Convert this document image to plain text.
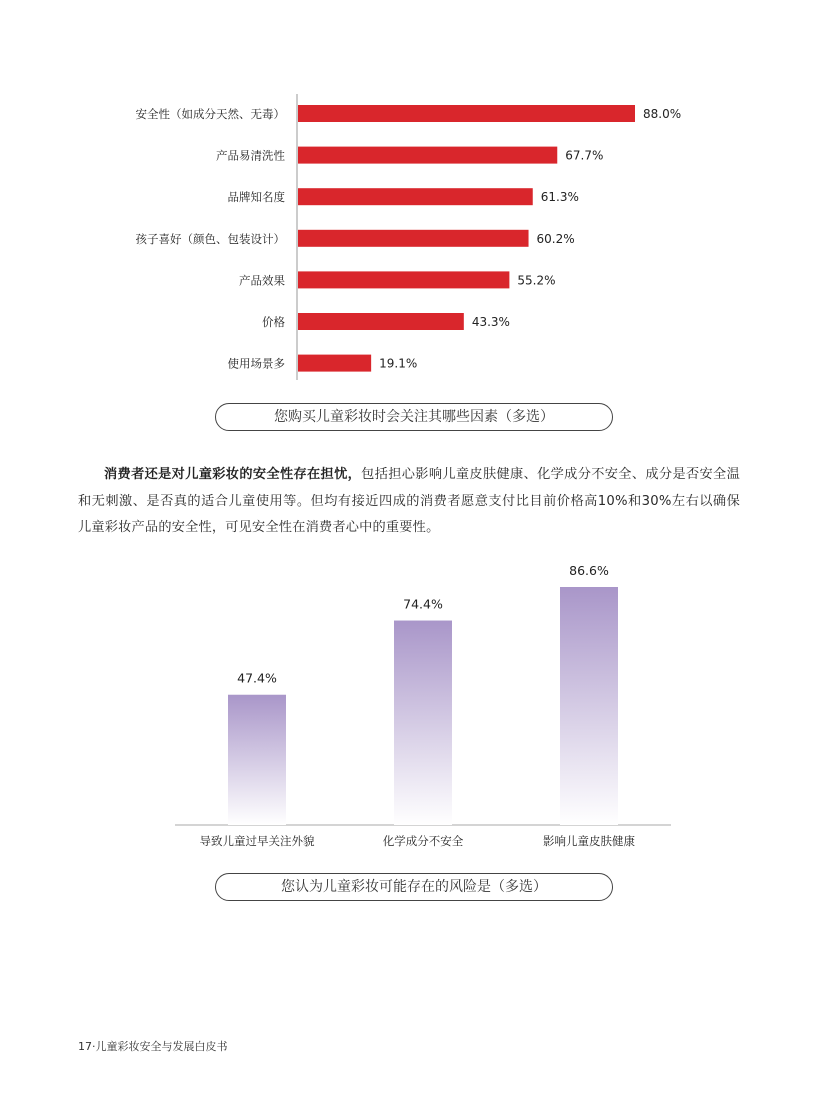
安全性（如成分天然、无毒）	88.0%
产品易清洗性	67.7%
品牌知名度	61.3%
孩子喜好（颜色、包装设计）	60.2%
产品效果	55.2%
价格	43.3%
使用场景多	19.1%
您购买儿童彩妆时会关注其哪些因素（多选）
消费者还是对儿童彩妆的安全性存在担忧，包括担心影响儿童皮肤健康、化学成分不安全、成分是否安全温和无刺激、是否真的适合儿童使用等。但均有接近四成的消费者愿意支付比目前价格高10%和30%左右以确保儿童彩妆产品的安全性，可见安全性在消费者心中的重要性。
47.4%
导致儿童过早关注外貌
74.4%
化学成分不安全
86.6%
影响儿童皮肤健康
您认为儿童彩妆可能存在的风险是（多选）
17·儿童彩妆安全与发展白皮书
